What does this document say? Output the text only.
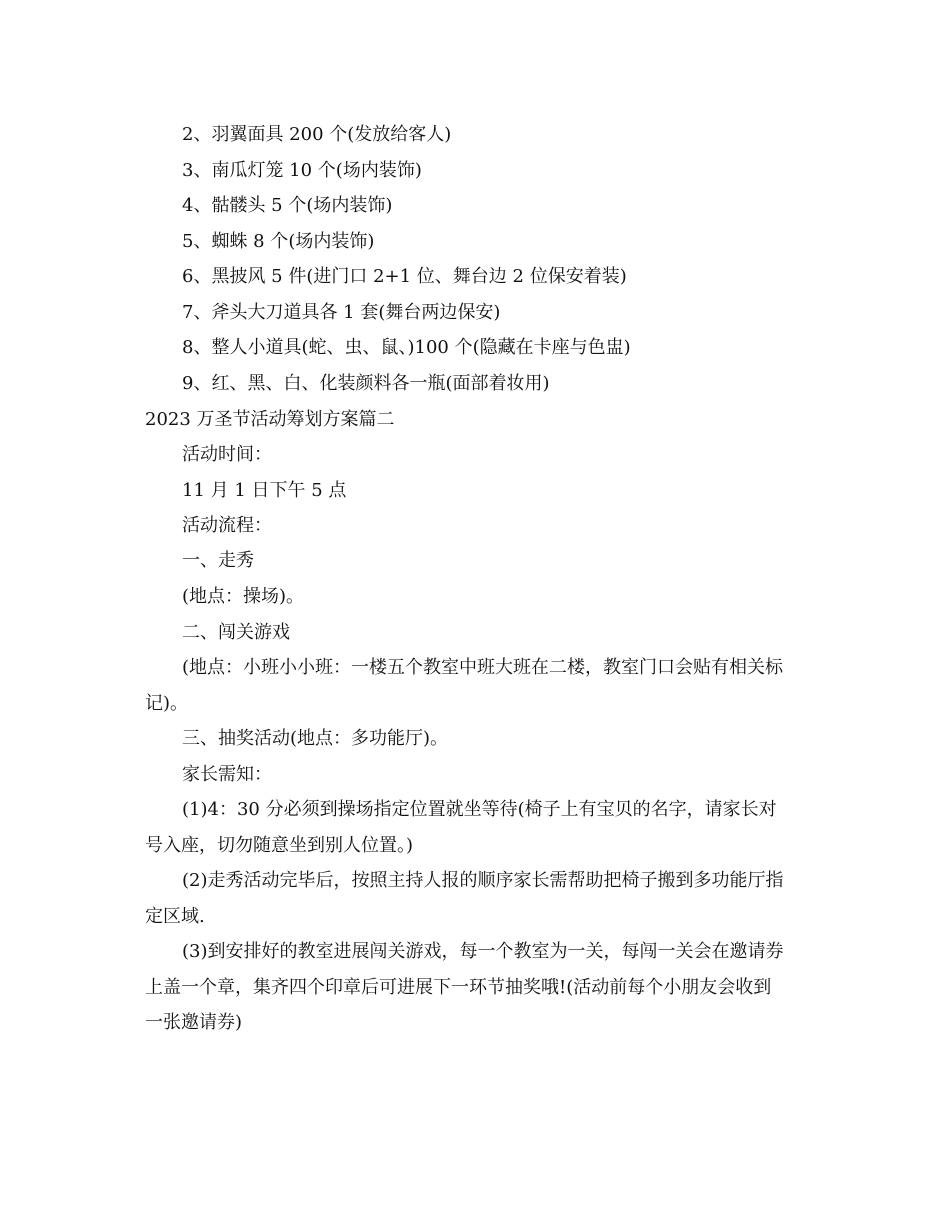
2、羽翼面具 200 个(发放给客人)
3、南瓜灯笼 10 个(场内装饰)
4、骷髅头 5 个(场内装饰)
5、蜘蛛 8 个(场内装饰)
6、黑披风 5 件(进门口 2+1 位、舞台边 2 位保安着装)
7、斧头大刀道具各 1 套(舞台两边保安)
8、整人小道具(蛇、虫、鼠、)100 个(隐藏在卡座与色盅)
9、红、黑、白、化装颜料各一瓶(面部着妆用)
2023 万圣节活动筹划方案篇二
活动时间：
11 月 1 日下午 5 点
活动流程：
一、走秀
(地点：操场)。
二、闯关游戏
(地点：小班小小班：一楼五个教室中班大班在二楼，教室门口会贴有相关标
记)。
三、抽奖活动(地点：多功能厅)。
家长需知：
(1)4：30 分必须到操场指定位置就坐等待(椅子上有宝贝的名字，请家长对
号入座，切勿随意坐到别人位置。)
(2)走秀活动完毕后，按照主持人报的顺序家长需帮助把椅子搬到多功能厅指
定区域.
(3)到安排好的教室进展闯关游戏，每一个教室为一关，每闯一关会在邀请券
上盖一个章，集齐四个印章后可进展下一环节抽奖哦!(活动前每个小朋友会收到
一张邀请券)
